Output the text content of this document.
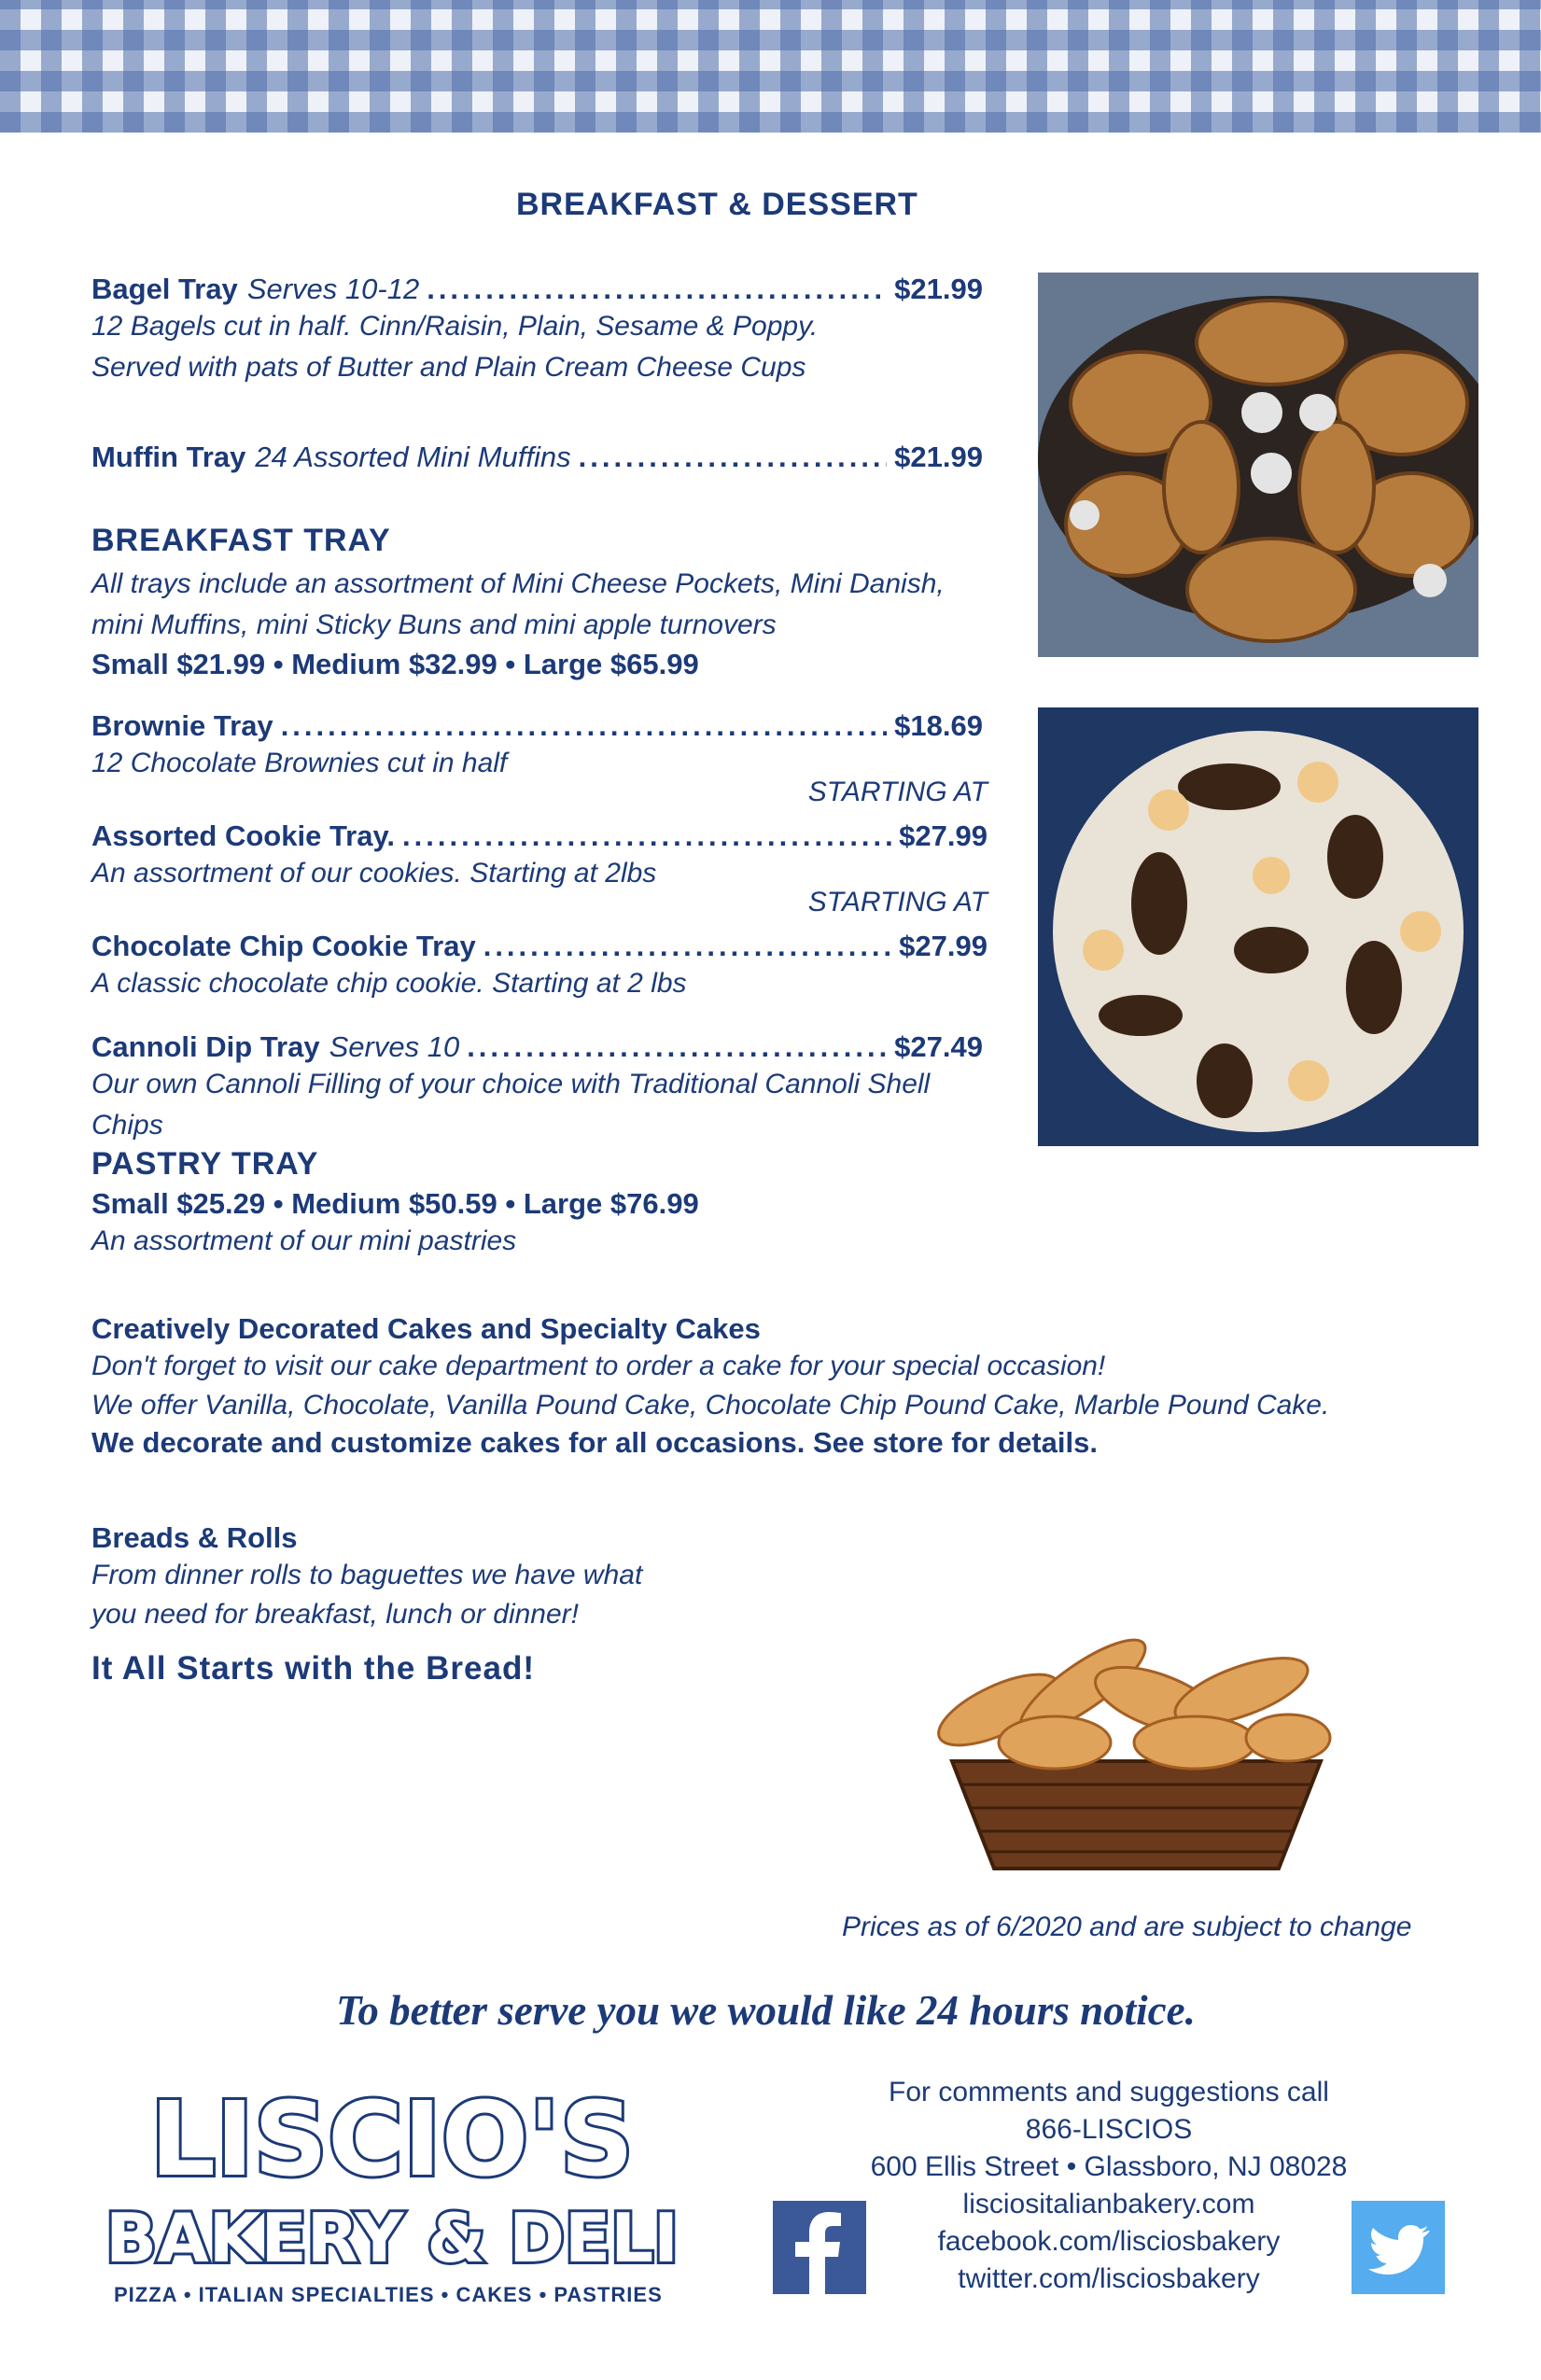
BREAKFAST & DESSERT
Bagel Tray Serves 10-12 .....	$21.99
12 Bagels cut in half. Cinn/Raisin, Plain, Sesame & Poppy.
Served with pats of Butter and Plain Cream Cheese Cups
Muffin Tray 24 Assorted Mini Muffins .....	$21.99
BREAKFAST TRAY
All trays include an assortment of Mini Cheese Pockets, Mini Danish,
mini Muffins, mini Sticky Buns and mini apple turnovers
Small $21.99 • Medium $32.99 • Large $65.99
Brownie Tray .....	$18.69
12 Chocolate Brownies cut in half
STARTING AT
Assorted Cookie Tray. .....	$27.99
An assortment of our cookies. Starting at 2lbs
STARTING AT
Chocolate Chip Cookie Tray .....	$27.99
A classic chocolate chip cookie. Starting at 2 lbs
Cannoli Dip Tray Serves 10 .....	$27.49
Our own Cannoli Filling of your choice with Traditional Cannoli Shell Chips
PASTRY TRAY
Small $25.29 • Medium $50.59 • Large $76.99
An assortment of our mini pastries
Creatively Decorated Cakes and Specialty Cakes
Don't forget to visit our cake department to order a cake for your special occasion!
We offer Vanilla, Chocolate, Vanilla Pound Cake, Chocolate Chip Pound Cake, Marble Pound Cake.
We decorate and customize cakes for all occasions. See store for details.
Breads & Rolls
From dinner rolls to baguettes we have what
you need for breakfast, lunch or dinner!
It All Starts with the Bread!
Prices as of 6/2020 and are subject to change
To better serve you we would like 24 hours notice.
LISCIO'S
BAKERY & DELI
PIZZA • ITALIAN SPECIALTIES • CAKES • PASTRIES
For comments and suggestions call
866-LISCIOS
600 Ellis Street • Glassboro, NJ 08028
lisciositalianbakery.com
facebook.com/lisciosbakery
twitter.com/lisciosbakery
